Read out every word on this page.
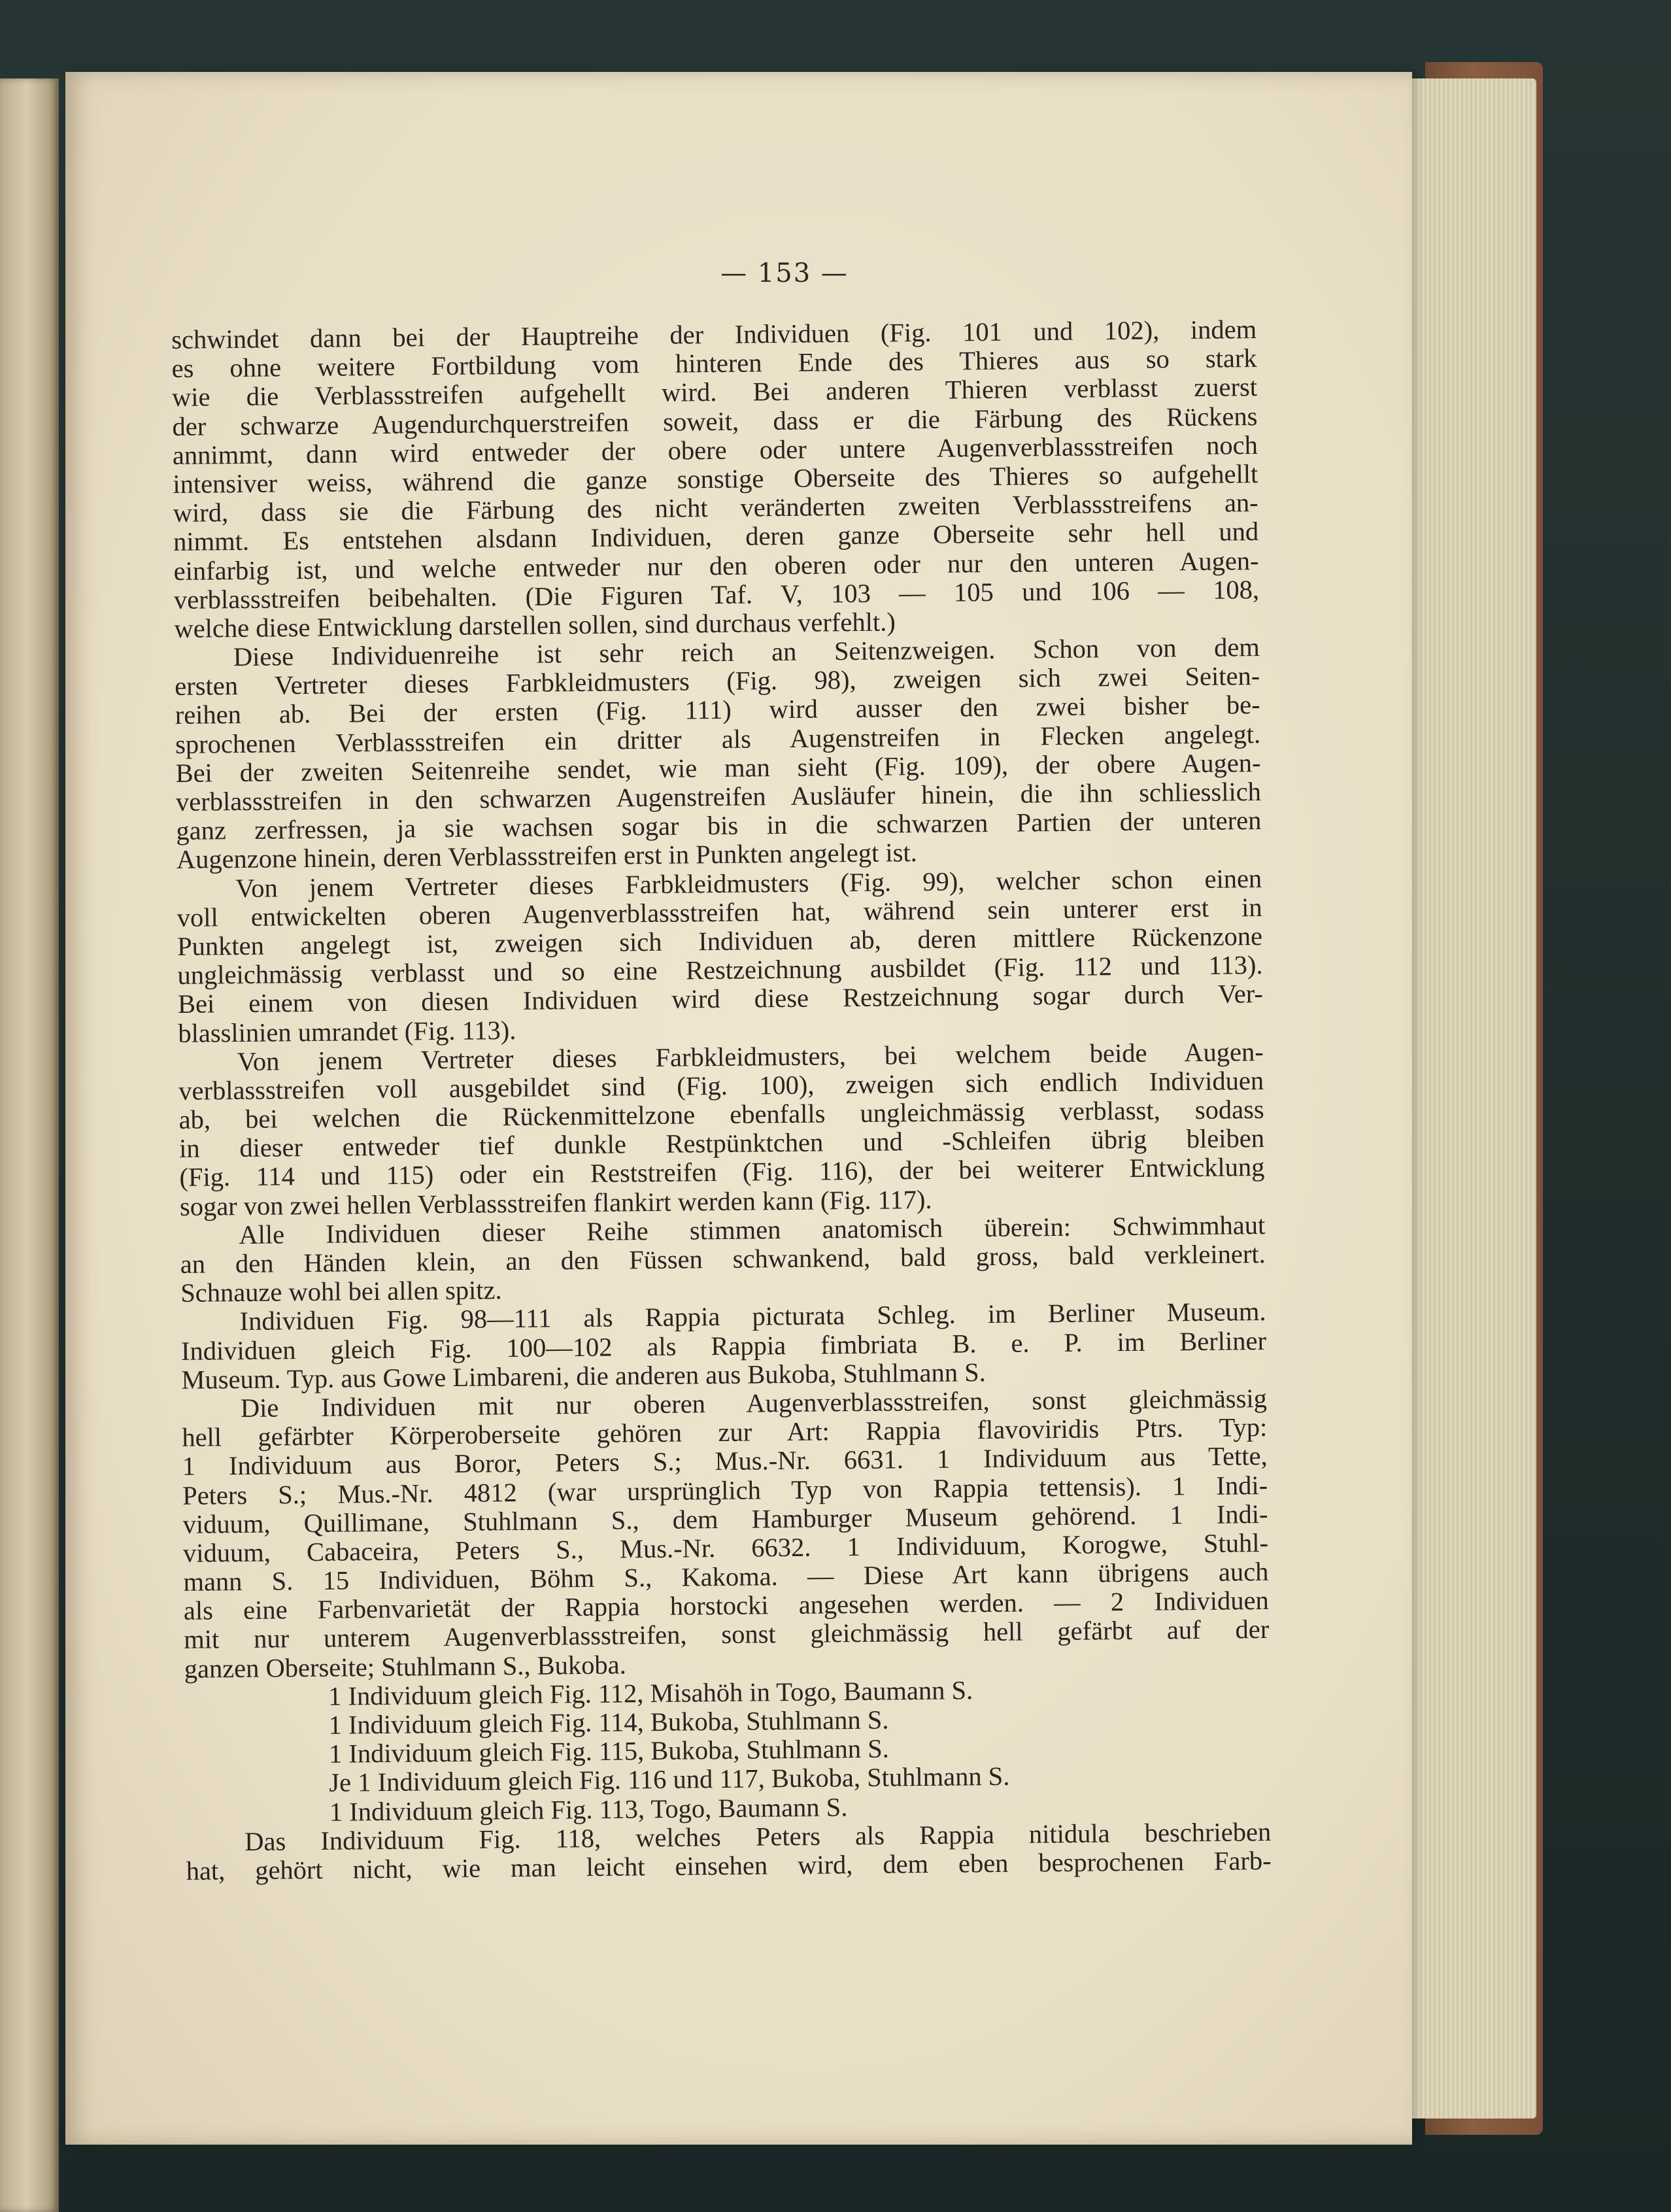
— 153 —
schwindet dann bei der Hauptreihe der Individuen (Fig. 101 und 102), indem
es ohne weitere Fortbildung vom hinteren Ende des Thieres aus so stark
wie die Verblassstreifen aufgehellt wird. Bei anderen Thieren verblasst zuerst
der schwarze Augendurchquerstreifen soweit, dass er die Färbung des Rückens
annimmt, dann wird entweder der obere oder untere Augenverblassstreifen noch
intensiver weiss, während die ganze sonstige Oberseite des Thieres so aufgehellt
wird, dass sie die Färbung des nicht veränderten zweiten Verblassstreifens an-
nimmt. Es entstehen alsdann Individuen, deren ganze Oberseite sehr hell und
einfarbig ist, und welche entweder nur den oberen oder nur den unteren Augen-
verblassstreifen beibehalten. (Die Figuren Taf. V, 103 — 105 und 106 — 108,
welche diese Entwicklung darstellen sollen, sind durchaus verfehlt.)
Diese Individuenreihe ist sehr reich an Seitenzweigen. Schon von dem
ersten Vertreter dieses Farbkleidmusters (Fig. 98), zweigen sich zwei Seiten-
reihen ab. Bei der ersten (Fig. 111) wird ausser den zwei bisher be-
sprochenen Verblassstreifen ein dritter als Augenstreifen in Flecken angelegt.
Bei der zweiten Seitenreihe sendet, wie man sieht (Fig. 109), der obere Augen-
verblassstreifen in den schwarzen Augenstreifen Ausläufer hinein, die ihn schliesslich
ganz zerfressen, ja sie wachsen sogar bis in die schwarzen Partien der unteren
Augenzone hinein, deren Verblassstreifen erst in Punkten angelegt ist.
Von jenem Vertreter dieses Farbkleidmusters (Fig. 99), welcher schon einen
voll entwickelten oberen Augenverblassstreifen hat, während sein unterer erst in
Punkten angelegt ist, zweigen sich Individuen ab, deren mittlere Rückenzone
ungleichmässig verblasst und so eine Restzeichnung ausbildet (Fig. 112 und 113).
Bei einem von diesen Individuen wird diese Restzeichnung sogar durch Ver-
blasslinien umrandet (Fig. 113).
Von jenem Vertreter dieses Farbkleidmusters, bei welchem beide Augen-
verblassstreifen voll ausgebildet sind (Fig. 100), zweigen sich endlich Individuen
ab, bei welchen die Rückenmittelzone ebenfalls ungleichmässig verblasst, sodass
in dieser entweder tief dunkle Restpünktchen und -Schleifen übrig bleiben
(Fig. 114 und 115) oder ein Reststreifen (Fig. 116), der bei weiterer Entwicklung
sogar von zwei hellen Verblassstreifen flankirt werden kann (Fig. 117).
Alle Individuen dieser Reihe stimmen anatomisch überein: Schwimmhaut
an den Händen klein, an den Füssen schwankend, bald gross, bald verkleinert.
Schnauze wohl bei allen spitz.
Individuen Fig. 98—111 als Rappia picturata Schleg. im Berliner Museum.
Individuen gleich Fig. 100—102 als Rappia fimbriata B. e. P. im Berliner
Museum. Typ. aus Gowe Limbareni, die anderen aus Bukoba, Stuhlmann S.
Die Individuen mit nur oberen Augenverblassstreifen, sonst gleichmässig
hell gefärbter Körperoberseite gehören zur Art: Rappia flavoviridis Ptrs. Typ:
1 Individuum aus Boror, Peters S.; Mus.-Nr. 6631. 1 Individuum aus Tette,
Peters S.; Mus.-Nr. 4812 (war ursprünglich Typ von Rappia tettensis). 1 Indi-
viduum, Quillimane, Stuhlmann S., dem Hamburger Museum gehörend. 1 Indi-
viduum, Cabaceira, Peters S., Mus.-Nr. 6632. 1 Individuum, Korogwe, Stuhl-
mann S. 15 Individuen, Böhm S., Kakoma. — Diese Art kann übrigens auch
als eine Farbenvarietät der Rappia horstocki angesehen werden. — 2 Individuen
mit nur unterem Augenverblassstreifen, sonst gleichmässig hell gefärbt auf der
ganzen Oberseite; Stuhlmann S., Bukoba.
1 Individuum gleich Fig. 112, Misahöh in Togo, Baumann S.
1 Individuum gleich Fig. 114, Bukoba, Stuhlmann S.
1 Individuum gleich Fig. 115, Bukoba, Stuhlmann S.
Je 1 Individuum gleich Fig. 116 und 117, Bukoba, Stuhlmann S.
1 Individuum gleich Fig. 113, Togo, Baumann S.
Das Individuum Fig. 118, welches Peters als Rappia nitidula beschrieben
hat, gehört nicht, wie man leicht einsehen wird, dem eben besprochenen Farb-
